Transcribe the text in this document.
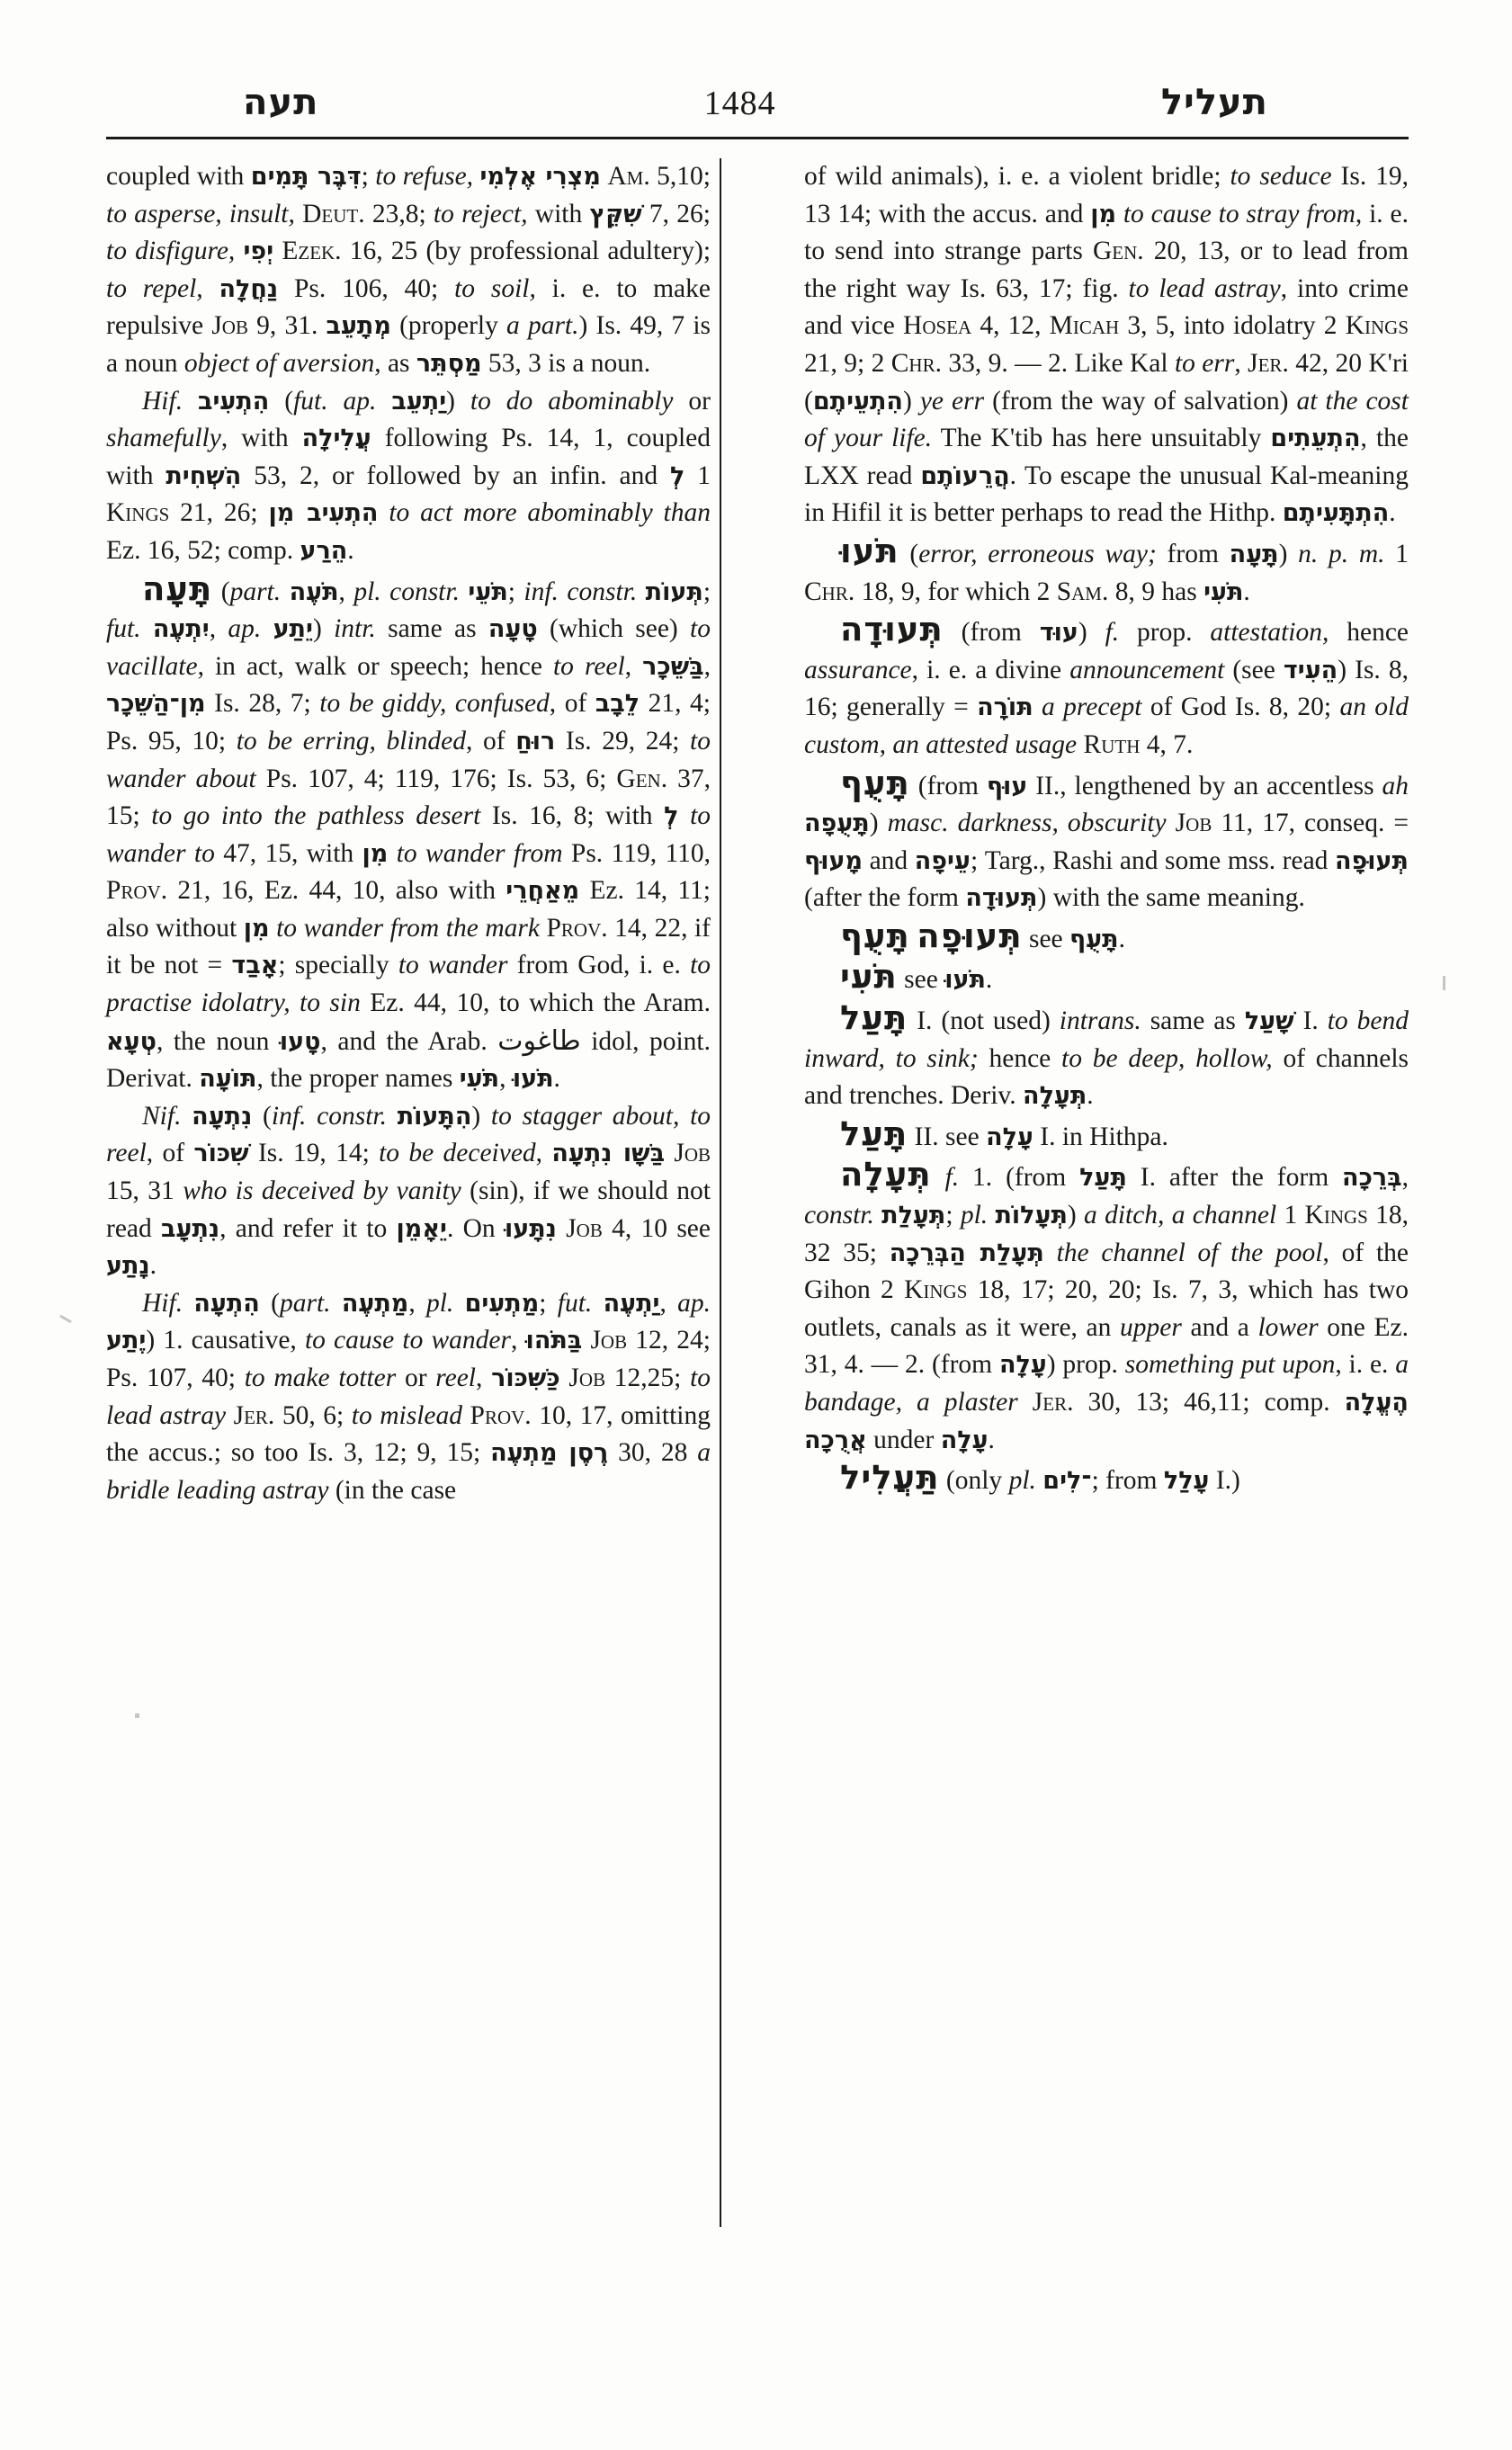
תעה	1484	תעליל

coupled with דִּבֶּר תָּמִים; to refuse, מִצְרִי אֶלְמִי Am. 5,10; to asperse, insult, Deut. 23,8; to reject, with שִׁקֵּץ 7, 26; to disfigure, יְפִי Ezek. 16, 25 (by professional adultery); to repel, נַחֲלָה Ps. 106, 40; to soil, i. e. to make repulsive Job 9, 31. מְתָעֵב (properly a part.) Is. 49, 7 is a noun object of aversion, as מַסְתֵּר 53, 3 is a noun.

Hif. הִתְעִיב (fut. ap. יַתְעֵב) to do abominably or shamefully, with עֲלִילָה following Ps. 14, 1, coupled with הִשְׁחִית 53, 2, or followed by an infin. and לְ 1 Kings 21, 26; הִתְעִיב מִן to act more abominably than Ez. 16, 52; comp. הֵרַע.

תָּעָה (part. תֹּעֶה, pl. constr. תֹּעֵי; inf. constr. תְּעוֹת; fut. יִתְעֶה, ap. יֵתַע) intr. same as טָעָה (which see) to vacillate, in act, walk or speech; hence to reel, בַּשֵּׁכָר, מִן־הַשֵּׁכָר Is. 28, 7; to be giddy, confused, of לֵבָב 21, 4; Ps. 95, 10; to be erring, blinded, of רוּחַ Is. 29, 24; to wander about Ps. 107, 4; 119, 176; Is. 53, 6; Gen. 37, 15; to go into the pathless desert Is. 16, 8; with לְ to wander to 47, 15, with מִן to wander from Ps. 119, 110, Prov. 21, 16, Ez. 44, 10, also with מֵאַחֲרֵי Ez. 14, 11; also without מִן to wander from the mark Prov. 14, 22, if it be not = אָבַד; specially to wander from God, i. e. to practise idolatry, to sin Ez. 44, 10, to which the Aram. טְעָא, the noun טָעוּ, and the Arab. طاغوت idol, point. Derivat. תּוֹעָה, the proper names תֹּעִי, תֹּעוּ.

Nif. נִתְעָה (inf. constr. הִתָּעוֹת) to stagger about, to reel, of שִׁכּוֹר Is. 19, 14; to be deceived, בַּשָּׁו נִתְעָה Job 15, 31 who is deceived by vanity (sin), if we should not read נִתְעָב, and refer it to יֵאָמֵן. On נִתָּעוּ Job 4, 10 see נָתַע.

Hif. הִתְעָה (part. מַתְעֶה, pl. מַתְעִים; fut. יַתְעֶה, ap. יֶתַע) 1. causative, to cause to wander, בַּתֹּהוּ Job 12, 24; Ps. 107, 40; to make totter or reel, כַּשִּׁכּוֹר Job 12,25; to lead astray Jer. 50, 6; to mislead Prov. 10, 17, omitting the accus.; so too Is. 3, 12; 9, 15; רֶסֶן מַתְעֶה 30, 28 a bridle leading astray (in the case

of wild animals), i. e. a violent bridle; to seduce Is. 19, 13 14; with the accus. and מִן to cause to stray from, i. e. to send into strange parts Gen. 20, 13, or to lead from the right way Is. 63, 17; fig. to lead astray, into crime and vice Hosea 4, 12, Micah 3, 5, into idolatry 2 Kings 21, 9; 2 Chr. 33, 9. — 2. Like Kal to err, Jer. 42, 20 K'ri (הִתְעֵיתֶם) ye err (from the way of salvation) at the cost of your life. The K'tib has here unsuitably הִתְעֵתִים, the LXX read הֲרֵעוֹתֶם. To escape the unusual Kal-meaning in Hifil it is better perhaps to read the Hithp. הִתְתָּעִיתֶם.

תֹּעוּ (error, erroneous way; from תָּעָה) n. p. m. 1 Chr. 18, 9, for which 2 Sam. 8, 9 has תֹּעִי.

תְּעוּדָה (from עוּד) f. prop. attestation, hence assurance, i. e. a divine announcement (see הֵעִיד) Is. 8, 16; generally = תּוֹרָה a precept of God Is. 8, 20; an old custom, an attested usage Ruth 4, 7.

תָּעֻף (from עוּף II., lengthened by an accentless ah תָּעֻפָה) masc. darkness, obscurity Job 11, 17, conseq. = מָעוּף and עֵיפָה; Targ., Rashi and some mss. read תְּעוּפָה (after the form תְּעוּדָה) with the same meaning.

תָּעֻף תְּעוּפָה see תָּעֻף.

תֹּעִי see תֹּעוּ.

תָּעַל I. (not used) intrans. same as שָׁעַל I. to bend inward, to sink; hence to be deep, hollow, of channels and trenches. Deriv. תְּעָלָה.

תָּעַל II. see עָלָה I. in Hithpa.

תְּעָלָה f. 1. (from תָּעַל I. after the form בְּרֵכָה, constr. תְּעָלַת; pl. תְּעָלוֹת) a ditch, a channel 1 Kings 18, 32 35; תְּעָלַת הַבְּרֵכָה the channel of the pool, of the Gihon 2 Kings 18, 17; 20, 20; Is. 7, 3, which has two outlets, canals as it were, an upper and a lower one Ez. 31, 4. — 2. (from עָלָה) prop. something put upon, i. e. a bandage, a plaster Jer. 30, 13; 46,11; comp. הֶעֱלָה אֲרֻכָה under עָלָה.

תַּעֲלִיל (only pl. ־לִים; from עָלַל I.)
